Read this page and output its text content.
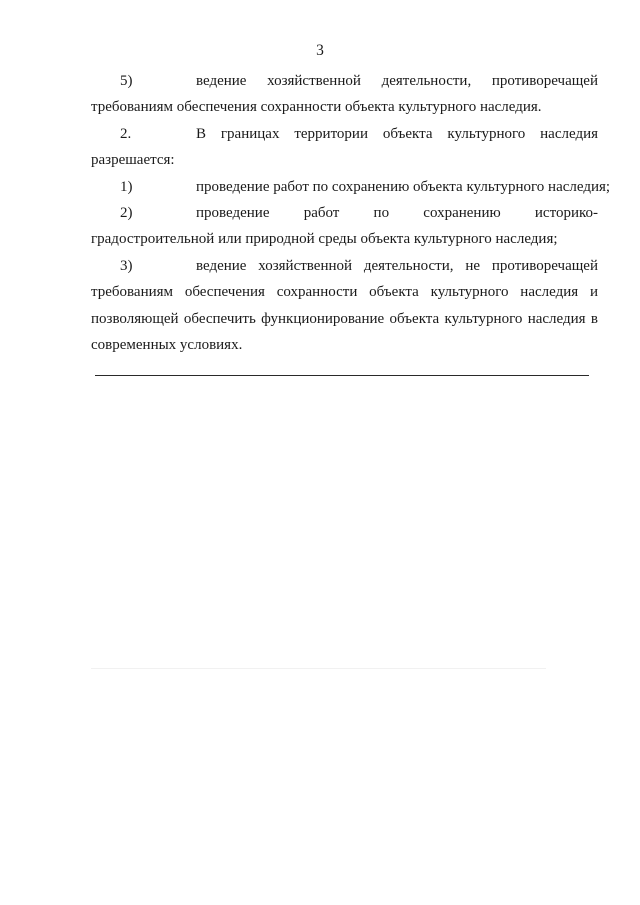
3

5)	ведение хозяйственной деятельности, противоречащей требованиям обеспечения сохранности объекта культурного наследия.

2.	В границах территории объекта культурного наследия разрешается:

1)	проведение работ по сохранению объекта культурного наследия;

2)	проведение работ по сохранению историко-градостроительной или природной среды объекта культурного наследия;

3)	ведение хозяйственной деятельности, не противоречащей требованиям обеспечения сохранности объекта культурного наследия и позволяющей обеспечить функционирование объекта культурного наследия в современных условиях.
